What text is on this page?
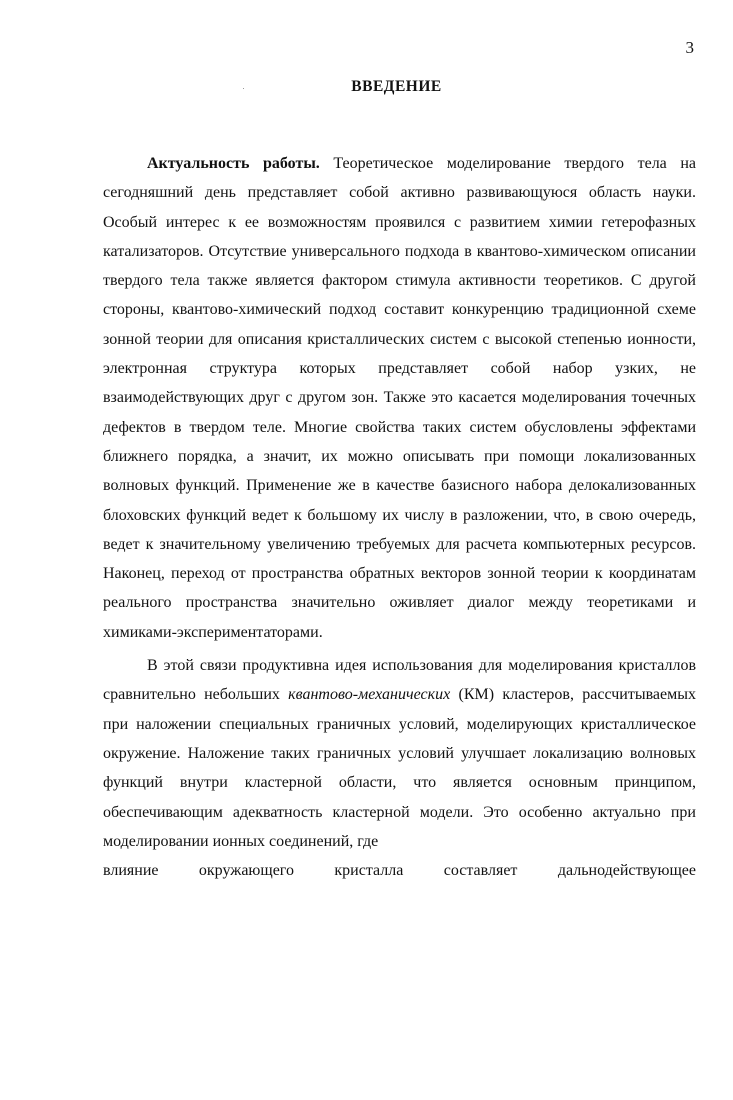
3
ВВЕДЕНИЕ

Актуальность работы. Теоретическое моделирование твердого тела на сегодняшний день представляет собой активно развивающуюся область науки. Особый интерес к ее возможностям проявился с развитием химии гетерофазных катализаторов. Отсутствие универсального подхода в квантово-химическом описании твердого тела также является фактором стимула активности теоретиков. С другой стороны, квантово-химический подход составит конкуренцию традиционной схеме зонной теории для описания кристаллических систем с высокой степенью ионности, электронная структура которых представляет собой набор узких, не взаимодействующих друг с другом зон. Также это касается моделирования точечных дефектов в твердом теле. Многие свойства таких систем обусловлены эффектами ближнего порядка, а значит, их можно описывать при помощи локализованных волновых функций. Применение же в качестве базисного набора делокализованных блоховских функций ведет к большому их числу в разложении, что, в свою очередь, ведет к значительному увеличению требуемых для расчета компьютерных ресурсов. Наконец, переход от пространства обратных векторов зонной теории к координатам реального пространства значительно оживляет диалог между теоретиками и химиками-экспериментаторами.

В этой связи продуктивна идея использования для моделирования кристаллов сравнительно небольших квантово-механических (КМ) кластеров, рассчитываемых при наложении специальных граничных условий, моделирующих кристаллическое окружение. Наложение таких граничных условий улучшает локализацию волновых функций внутри кластерной области, что является основным принципом, обеспечивающим адекватность кластерной модели. Это особенно актуально при моделировании ионных соединений, где
влияние окружающего кристалла составляет дальнодействующее
